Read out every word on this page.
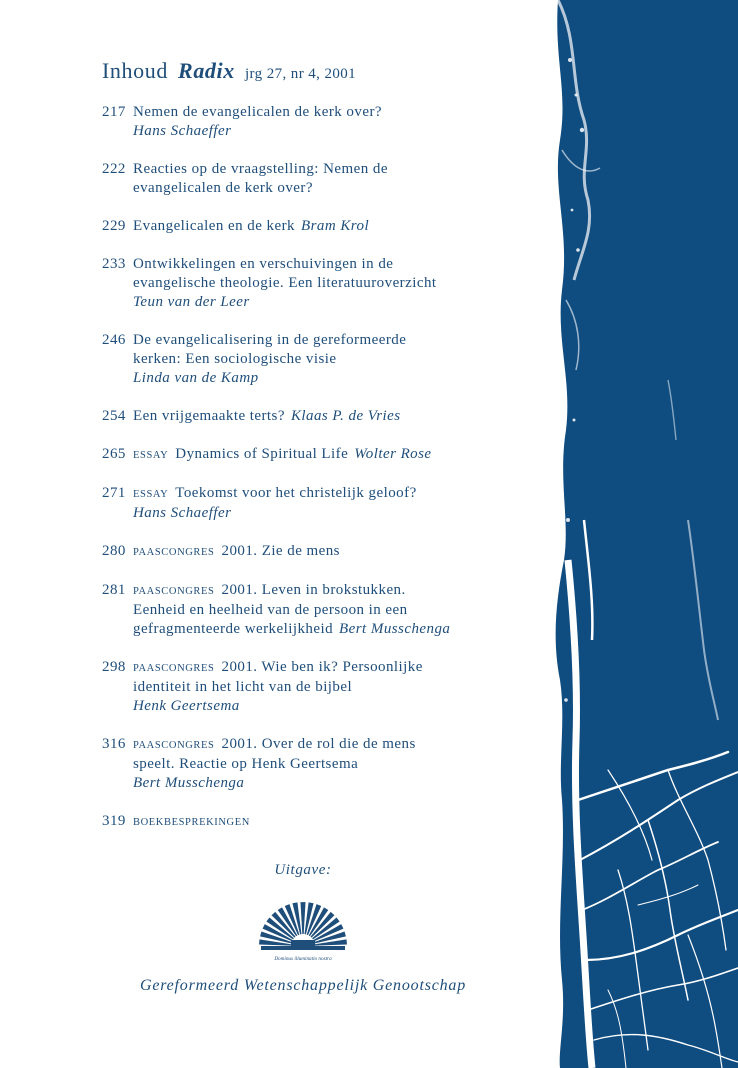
Inhoud Radix jrg 27, nr 4, 2001
217 Nemen de evangelicalen de kerk over?
Hans Schaeffer
222 Reacties op de vraagstelling: Nemen de
evangelicalen de kerk over?
229 Evangelicalen en de kerk Bram Krol
233 Ontwikkelingen en verschuivingen in de
evangelische theologie. Een literatuuroverzicht
Teun van der Leer
246 De evangelicalisering in de gereformeerde
kerken: Een sociologische visie
Linda van de Kamp
254 Een vrijgemaakte terts? Klaas P. de Vries
265 ESSAY Dynamics of Spiritual Life Wolter Rose
271 ESSAY Toekomst voor het christelijk geloof?
Hans Schaeffer
280 PAASCONGRES 2001. Zie de mens
281 PAASCONGRES 2001. Leven in brokstukken.
Eenheid en heelheid van de persoon in een
gefragmenteerde werkelijkheid Bert Musschenga
298 PAASCONGRES 2001. Wie ben ik? Persoonlijke
identiteit in het licht van de bijbel
Henk Geertsema
316 PAASCONGRES 2001. Over de rol die de mens
speelt. Reactie op Henk Geertsema
Bert Musschenga
319 BOEKBESPREKINGEN
Uitgave:
Dominus illuminatio nostra
Gereformeerd Wetenschappelijk Genootschap
